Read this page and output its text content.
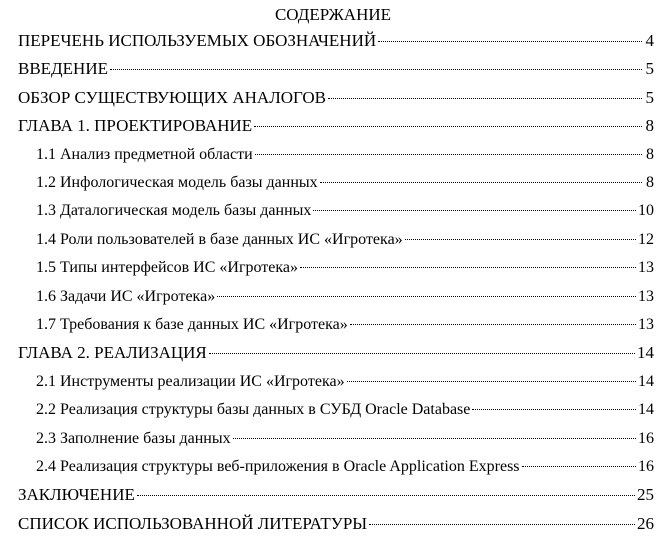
СОДЕРЖАНИЕ
ПЕРЕЧЕНЬ ИСПОЛЬЗУЕМЫХ ОБОЗНАЧЕНИЙ	4
ВВЕДЕНИЕ	5
ОБЗОР СУЩЕСТВУЮЩИХ АНАЛОГОВ	5
ГЛАВА 1. ПРОЕКТИРОВАНИЕ	8
1.1 Анализ предметной области	8
1.2 Инфологическая модель базы данных	8
1.3 Даталогическая модель базы данных	10
1.4 Роли пользователей в базе данных ИС «Игротека»	12
1.5 Типы интерфейсов ИС «Игротека»	13
1.6 Задачи ИС «Игротека»	13
1.7 Требования к базе данных ИС «Игротека»	13
ГЛАВА 2. РЕАЛИЗАЦИЯ	14
2.1 Инструменты реализации ИС «Игротека»	14
2.2 Реализация структуры базы данных в СУБД Oracle Database	14
2.3 Заполнение базы данных	16
2.4 Реализация структуры веб-приложения в Oracle Application Express	16
ЗАКЛЮЧЕНИЕ	25
СПИСОК ИСПОЛЬЗОВАННОЙ ЛИТЕРАТУРЫ	26
